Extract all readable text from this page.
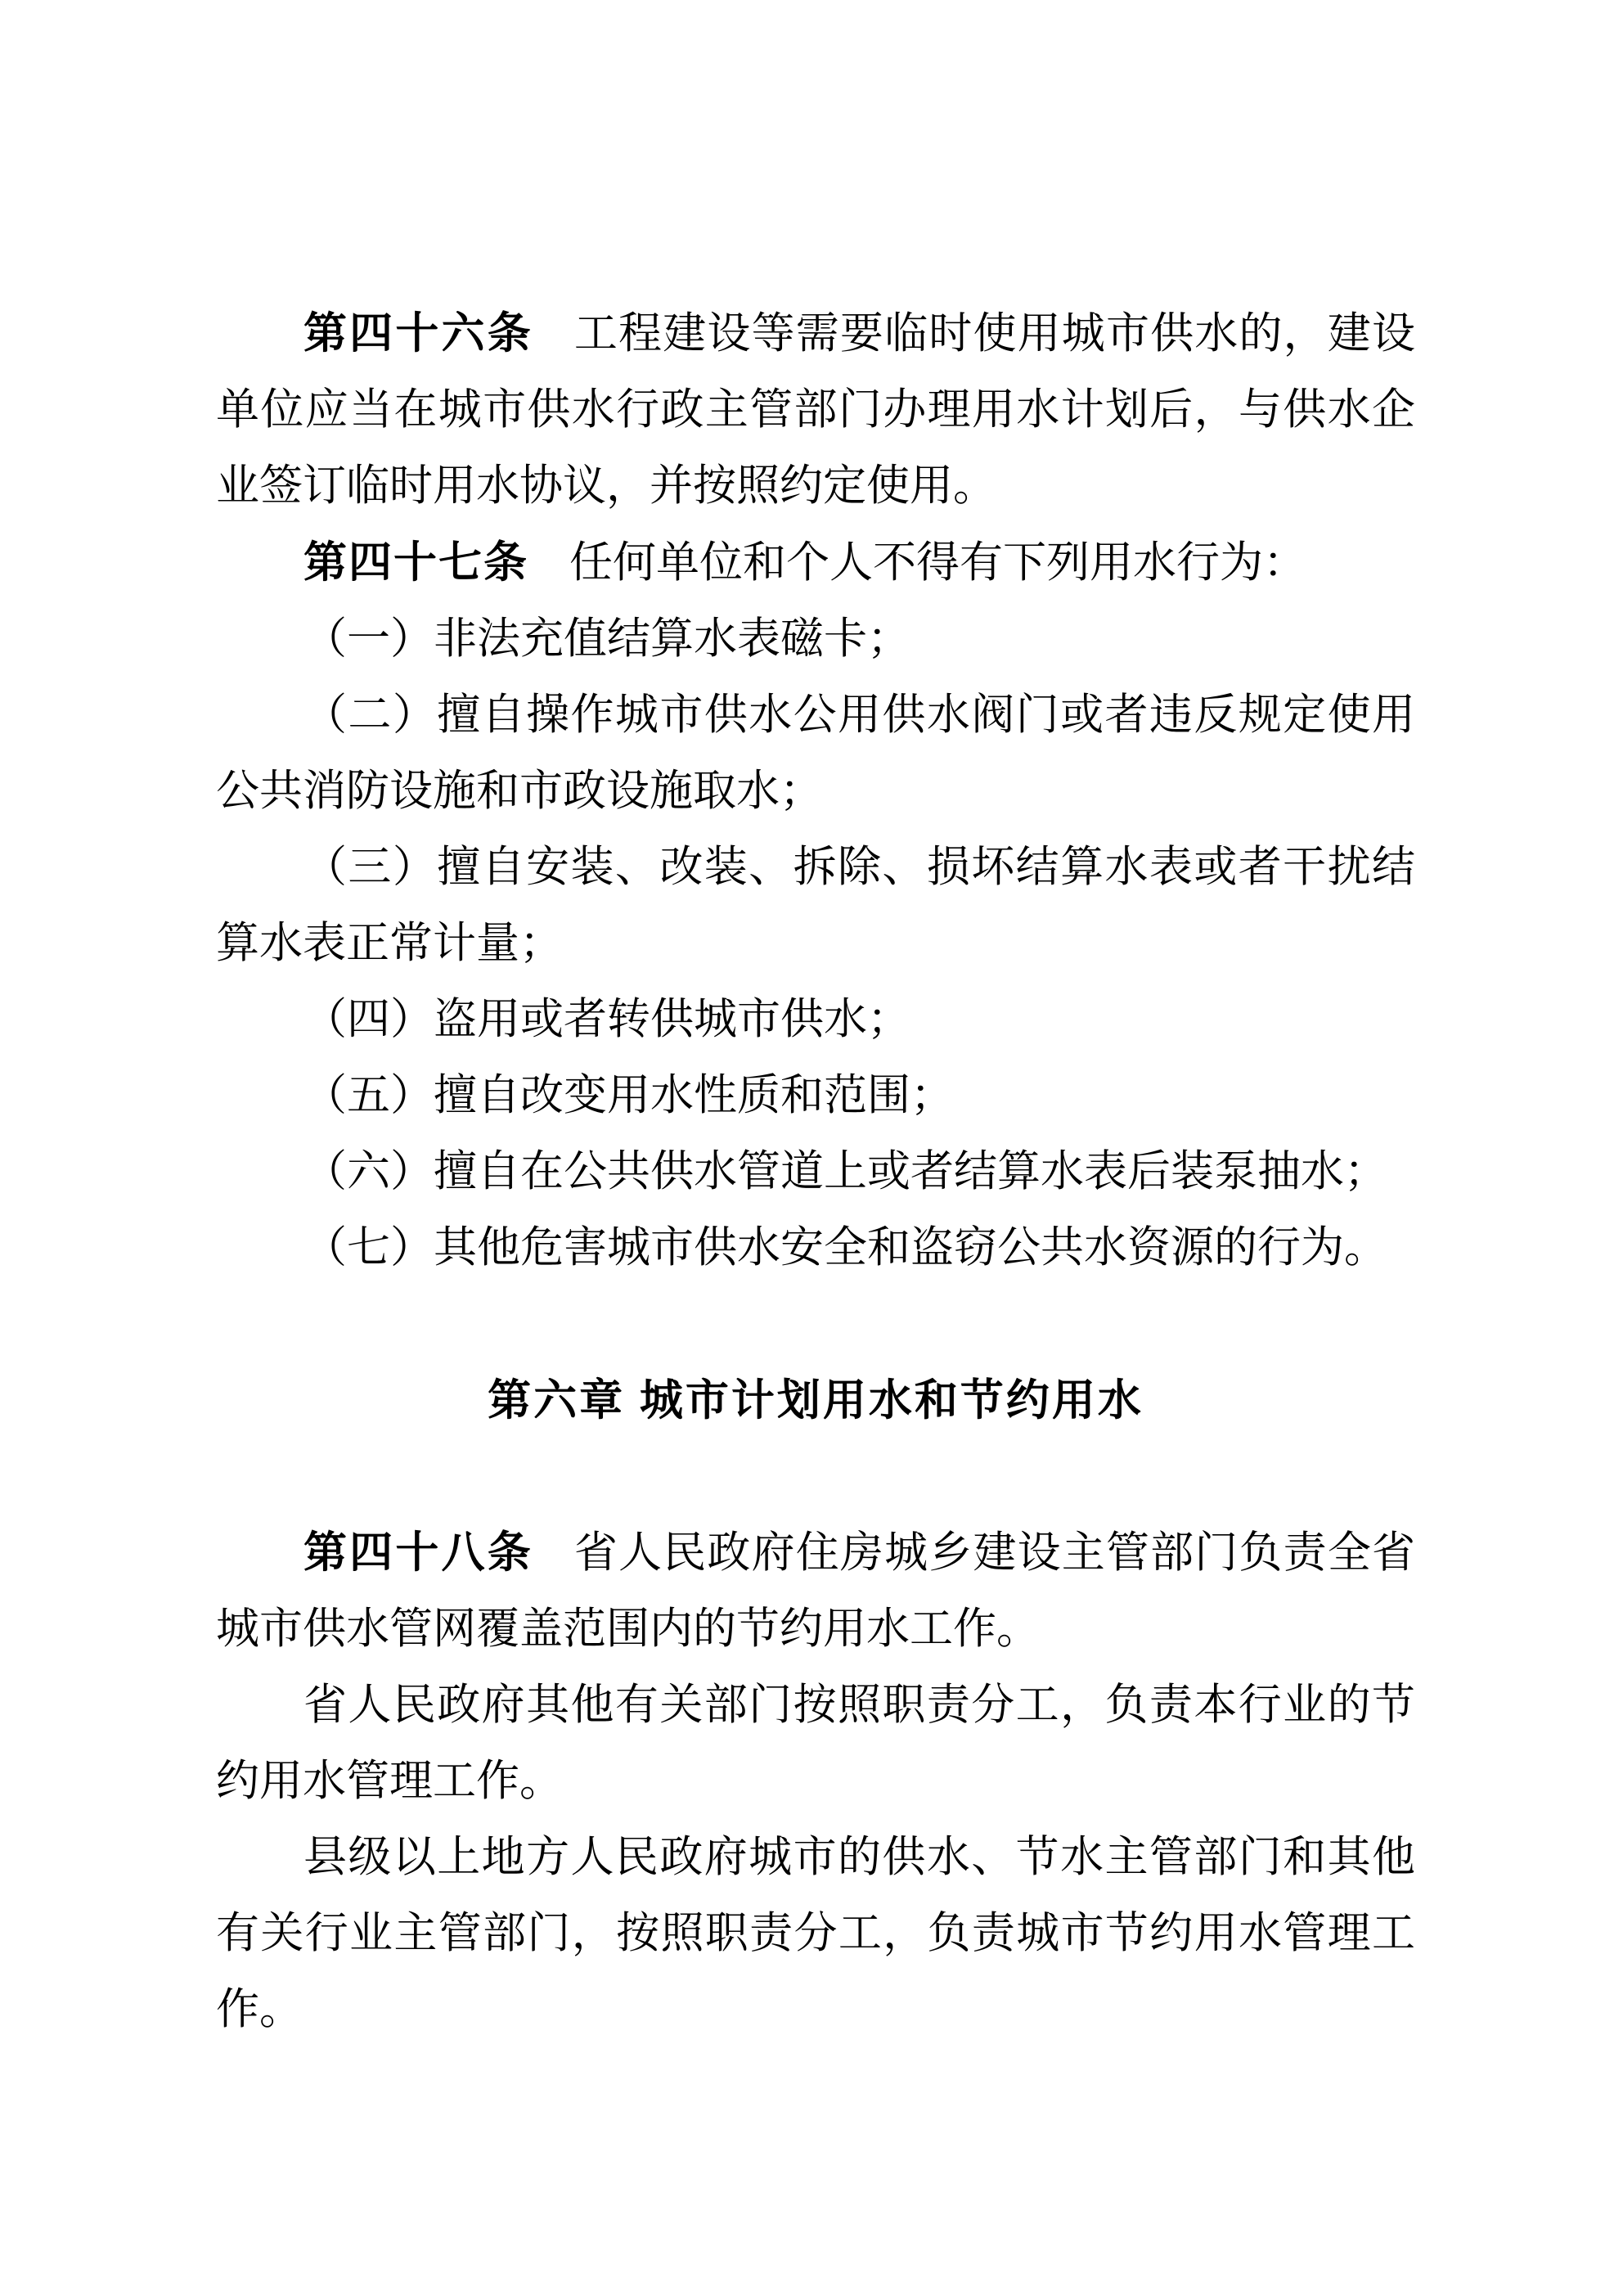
第四十六条 工程建设等需要临时使用城市供水的，建设
单位应当在城市供水行政主管部门办理用水计划后，与供水企
业签订临时用水协议，并按照约定使用。
第四十七条 任何单位和个人不得有下列用水行为：
（一）非法充值结算水表磁卡；
（二）擅自操作城市供水公用供水阀门或者违反规定使用
公共消防设施和市政设施取水；
（三）擅自安装、改装、拆除、损坏结算水表或者干扰结
算水表正常计量；
（四）盗用或者转供城市供水；
（五）擅自改变用水性质和范围；
（六）擅自在公共供水管道上或者结算水表后装泵抽水；
（七）其他危害城市供水安全和盗窃公共水资源的行为。
第六章 城市计划用水和节约用水
第四十八条 省人民政府住房城乡建设主管部门负责全省
城市供水管网覆盖范围内的节约用水工作。
省人民政府其他有关部门按照职责分工，负责本行业的节
约用水管理工作。
县级以上地方人民政府城市的供水、节水主管部门和其他
有关行业主管部门，按照职责分工，负责城市节约用水管理工
作。
